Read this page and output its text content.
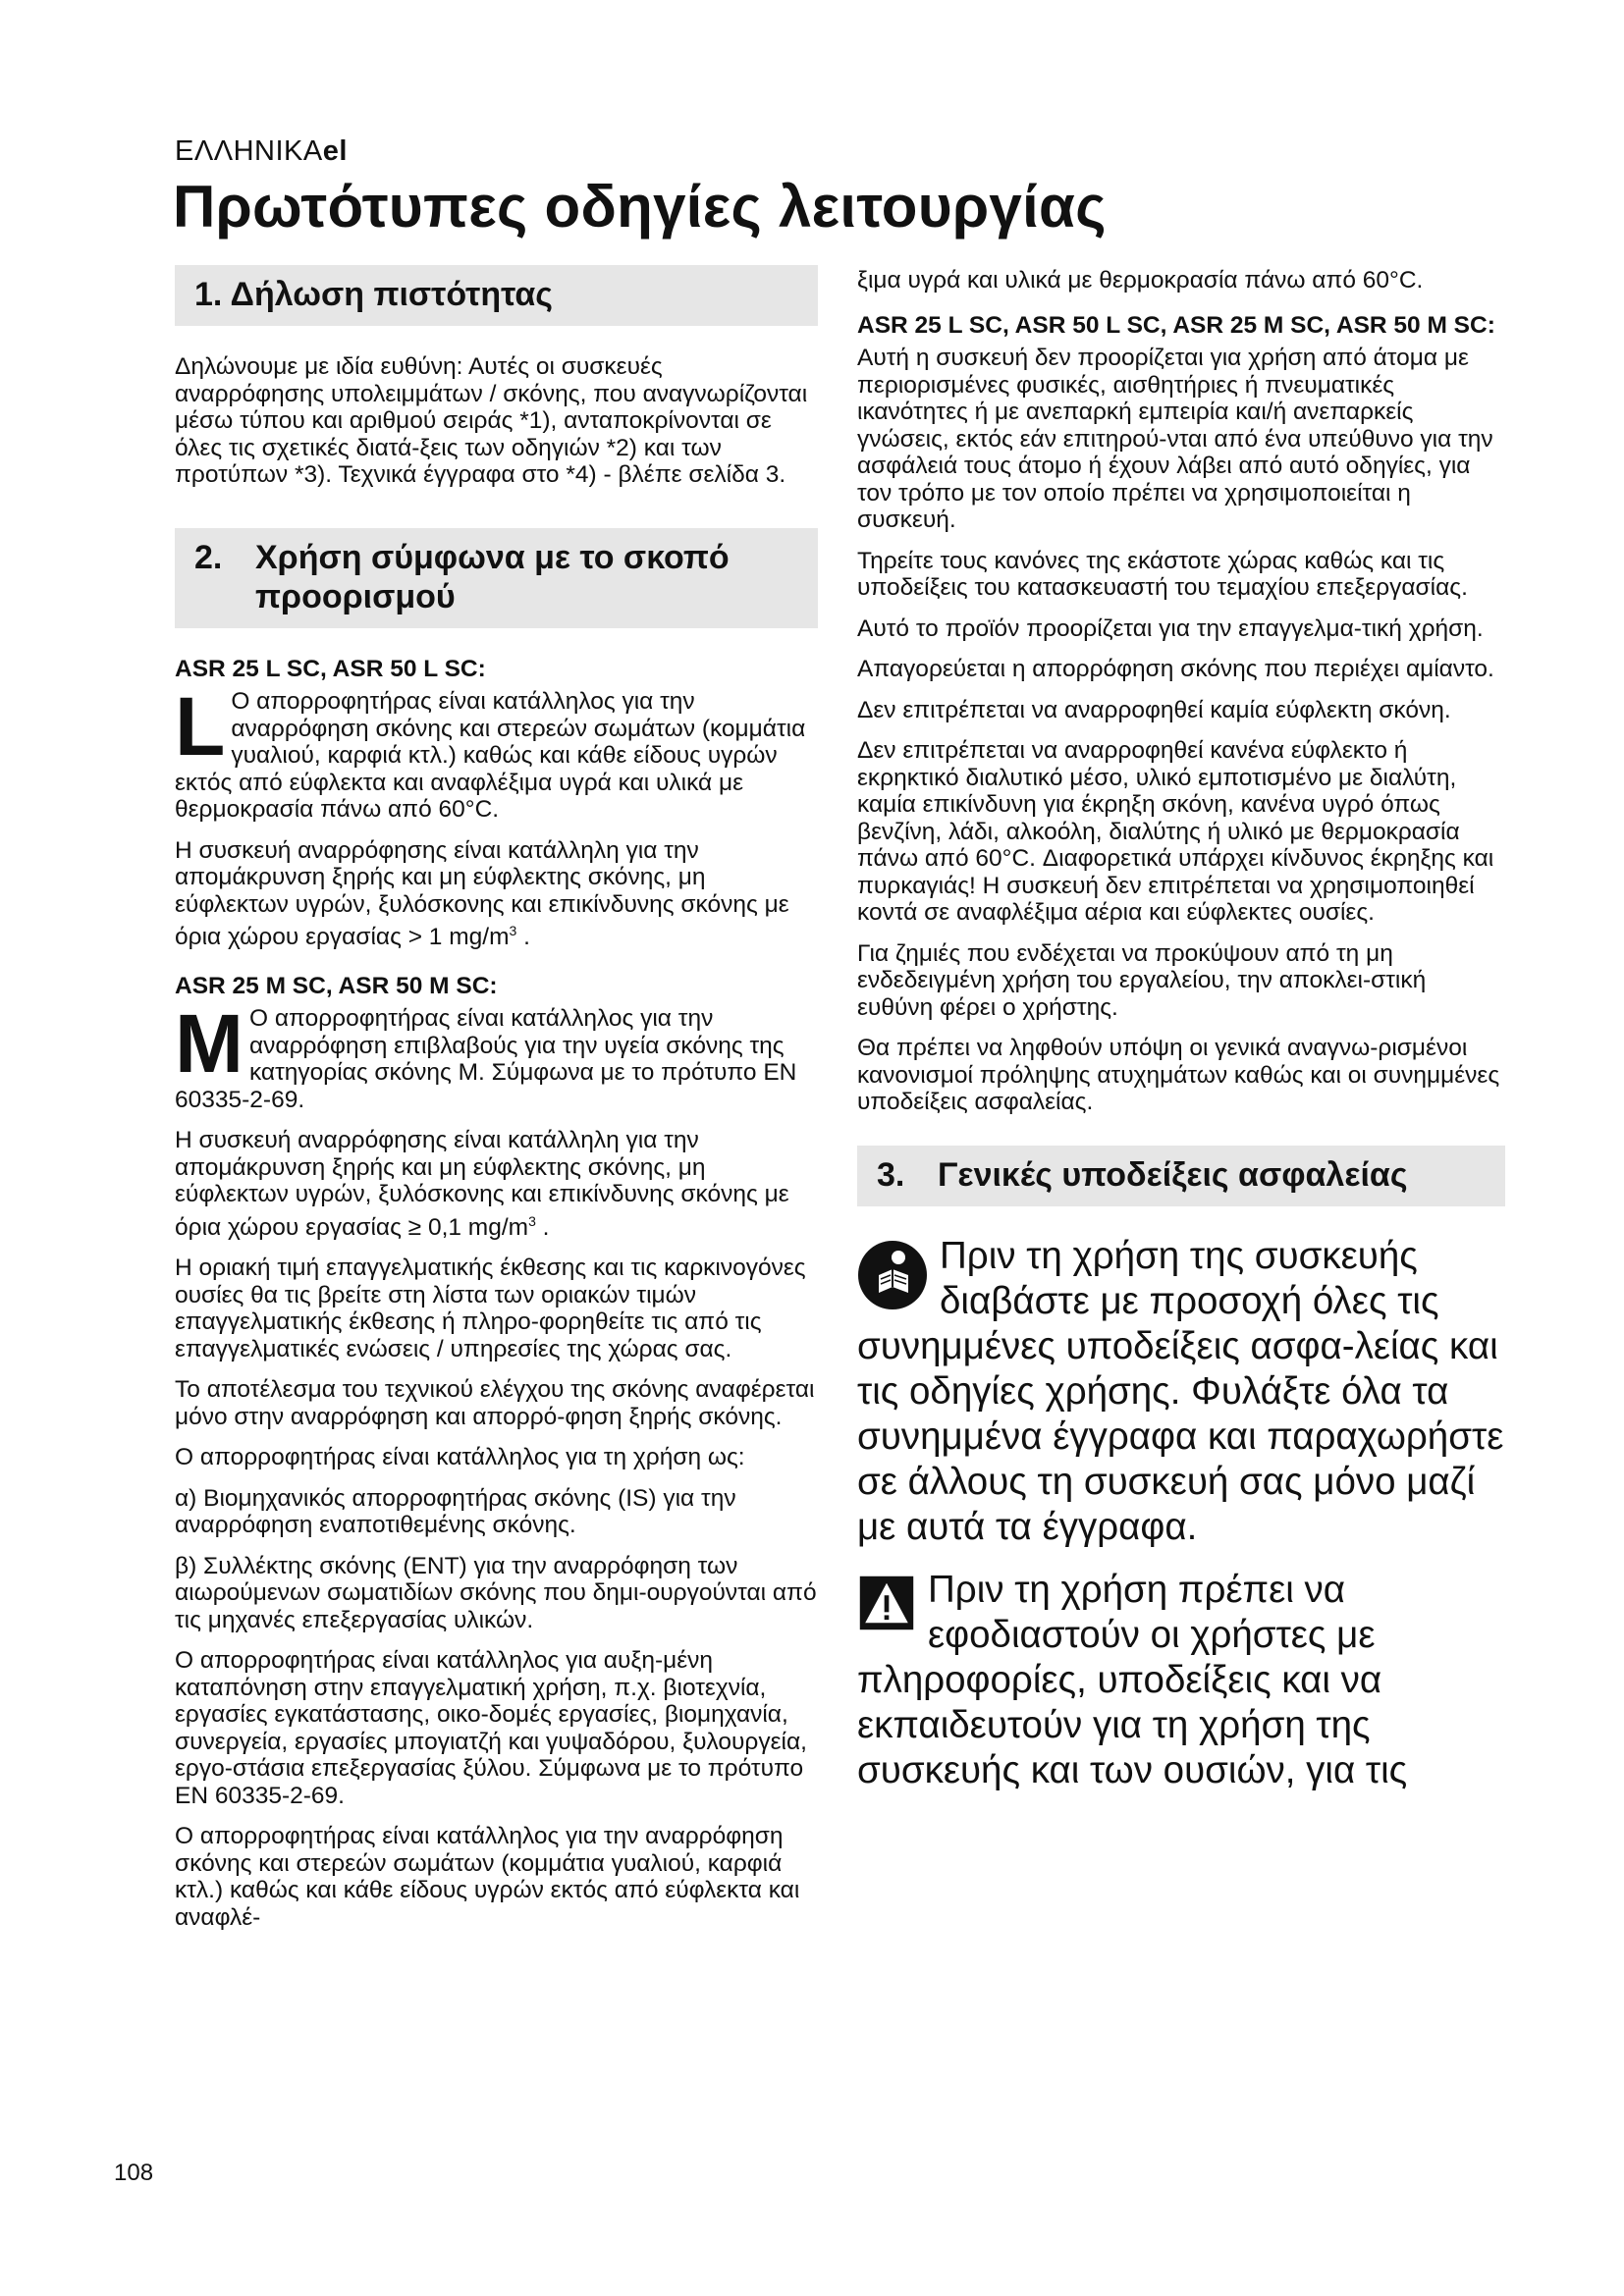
ΕΛΛΗΝΙΚΑel
Πρωτότυπες οδηγίες λειτουργίας
1. Δήλωση πιστότητας

Δηλώνουμε με ιδία ευθύνη: Αυτές οι συσκευές αναρρόφησης υπολειμμάτων / σκόνης, που αναγνωρίζονται μέσω τύπου και αριθμού σειράς *1), ανταποκρίνονται σε όλες τις σχετικές διατά-ξεις των οδηγιών *2) και των προτύπων *3). Τεχνικά έγγραφα στο *4) - βλέπε σελίδα 3.

2. Χρήση σύμφωνα με το σκοπό προορισμού

ASR 25 L SC, ASR 50 L SC:

L Ο απορροφητήρας είναι κατάλληλος για την αναρρόφηση σκόνης και στερεών σωμάτων (κομμάτια γυαλιού, καρφιά κτλ.) καθώς και κάθε είδους υγρών εκτός από εύφλεκτα και αναφλέξιμα υγρά και υλικά με θερμοκρασία πάνω από 60°C.

Η συσκευή αναρρόφησης είναι κατάλληλη για την απομάκρυνση ξηρής και μη εύφλεκτης σκόνης, μη εύφλεκτων υγρών, ξυλόσκονης και επικίνδυνης σκόνης με όρια χώρου εργασίας > 1 $mg/m^3$ .

ASR 25 M SC, ASR 50 M SC:

M Ο απορροφητήρας είναι κατάλληλος για την αναρρόφηση επιβλαβούς για την υγεία σκόνης της κατηγορίας σκόνης M. Σύμφωνα με το πρότυπο EN 60335-2-69.

Η συσκευή αναρρόφησης είναι κατάλληλη για την απομάκρυνση ξηρής και μη εύφλεκτης σκόνης, μη εύφλεκτων υγρών, ξυλόσκονης και επικίνδυνης σκόνης με όρια χώρου εργασίας ≥ 0,1 $mg/m^3$ .

Η οριακή τιμή επαγγελματικής έκθεσης και τις καρκινογόνες ουσίες θα τις βρείτε στη λίστα των οριακών τιμών επαγγελματικής έκθεσης ή πληρο-φορηθείτε τις από τις επαγγελματικές ενώσεις / υπηρεσίες της χώρας σας.

Το αποτέλεσμα του τεχνικού ελέγχου της σκόνης αναφέρεται μόνο στην αναρρόφηση και απορρό-φηση ξηρής σκόνης.

Ο απορροφητήρας είναι κατάλληλος για τη χρήση ως:

α) Βιομηχανικός απορροφητήρας σκόνης (IS) για την αναρρόφηση εναποτιθεμένης σκόνης.

β) Συλλέκτης σκόνης (ENT) για την αναρρόφηση των αιωρούμενων σωματιδίων σκόνης που δημι-ουργούνται από τις μηχανές επεξεργασίας υλικών.

Ο απορροφητήρας είναι κατάλληλος για αυξη-μένη καταπόνηση στην επαγγελματική χρήση, π.χ. βιοτεχνία, εργασίες εγκατάστασης, οικο-δομές εργασίες, βιομηχανία, συνεργεία, εργασίες μπογιατζή και γυψαδόρου, ξυλουργεία, εργο-στάσια επεξεργασίας ξύλου. Σύμφωνα με το πρότυπο EN 60335-2-69.

Ο απορροφητήρας είναι κατάλληλος για την αναρρόφηση σκόνης και στερεών σωμάτων (κομμάτια γυαλιού, καρφιά κτλ.) καθώς και κάθε είδους υγρών εκτός από εύφλεκτα και αναφλέ-

ξιμα υγρά και υλικά με θερμοκρασία πάνω από 60°C.

ASR 25 L SC, ASR 50 L SC, ASR 25 M SC, ASR 50 M SC:

Αυτή η συσκευή δεν προορίζεται για χρήση από άτομα με περιορισμένες φυσικές, αισθητήριες ή πνευματικές ικανότητες ή με ανεπαρκή εμπειρία και/ή ανεπαρκείς γνώσεις, εκτός εάν επιτηρού-νται από ένα υπεύθυνο για την ασφάλειά τους άτομο ή έχουν λάβει από αυτό οδηγίες, για τον τρόπο με τον οποίο πρέπει να χρησιμοποιείται η συσκευή.

Τηρείτε τους κανόνες της εκάστοτε χώρας καθώς και τις υποδείξεις του κατασκευαστή του τεμαχίου επεξεργασίας.

Αυτό το προϊόν προορίζεται για την επαγγελμα-τική χρήση.

Απαγορεύεται η απορρόφηση σκόνης που περιέχει αμίαντο.

Δεν επιτρέπεται να αναρροφηθεί καμία εύφλεκτη σκόνη.

Δεν επιτρέπεται να αναρροφηθεί κανένα εύφλεκτο ή εκρηκτικό διαλυτικό μέσο, υλικό εμποτισμένο με διαλύτη, καμία επικίνδυνη για έκρηξη σκόνη, κανένα υγρό όπως βενζίνη, λάδι, αλκοόλη, διαλύτης ή υλικό με θερμοκρασία πάνω από 60°C. Διαφορετικά υπάρχει κίνδυνος έκρηξης και πυρκαγιάς! Η συσκευή δεν επιτρέπεται να χρησιμοποιηθεί κοντά σε αναφλέξιμα αέρια και εύφλεκτες ουσίες.

Για ζημιές που ενδέχεται να προκύψουν από τη μη ενδεδειγμένη χρήση του εργαλείου, την αποκλει-στική ευθύνη φέρει ο χρήστης.

Θα πρέπει να ληφθούν υπόψη οι γενικά αναγνω-ρισμένοι κανονισμοί πρόληψης ατυχημάτων καθώς και οι συνημμένες υποδείξεις ασφαλείας.

3. Γενικές υποδείξεις ασφαλείας

Πριν τη χρήση της συσκευής διαβάστε με προσοχή όλες τις συνημμένες υποδείξεις ασφα-λείας και τις οδηγίες χρήσης. Φυλάξτε όλα τα συνημμένα έγγραφα και παραχωρήστε σε άλλους τη συσκευή σας μόνο μαζί με αυτά τα έγγραφα.

Πριν τη χρήση πρέπει να εφοδιαστούν οι χρήστες με πληροφορίες, υποδείξεις και να εκπαιδευτούν για τη χρήση της συσκευής και των ουσιών, για τις

108
